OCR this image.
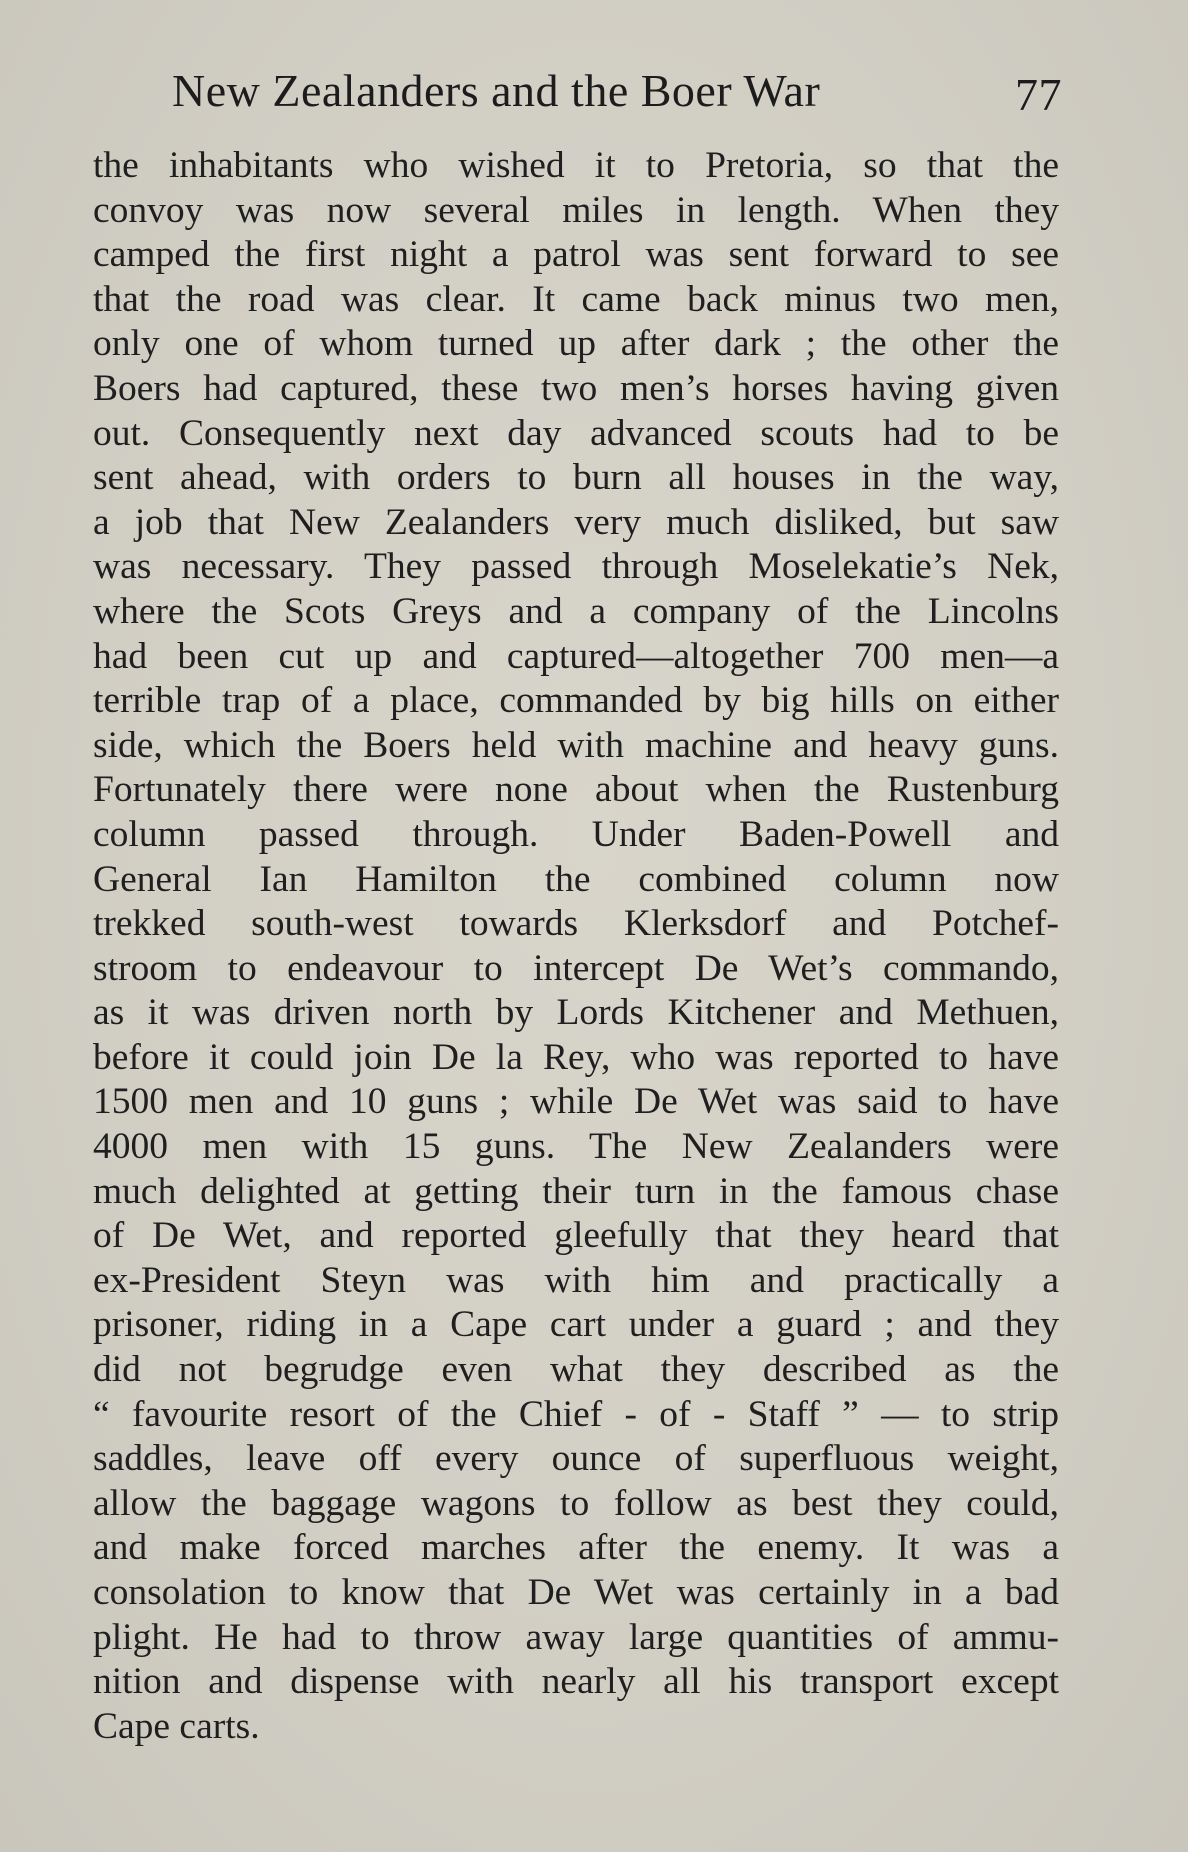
New Zealanders and the Boer War	77
the inhabitants who wished it to Pretoria, so that the
convoy was now several miles in length. When they
camped the first night a patrol was sent forward to see
that the road was clear. It came back minus two men,
only one of whom turned up after dark ; the other the
Boers had captured, these two men’s horses having given
out. Consequently next day advanced scouts had to be
sent ahead, with orders to burn all houses in the way,
a job that New Zealanders very much disliked, but saw
was necessary. They passed through Moselekatie’s Nek,
where the Scots Greys and a company of the Lincolns
had been cut up and captured—altogether 700 men—a
terrible trap of a place, commanded by big hills on either
side, which the Boers held with machine and heavy guns.
Fortunately there were none about when the Rustenburg
column passed through. Under Baden-Powell and
General Ian Hamilton the combined column now
trekked south-west towards Klerksdorf and Potchef-
stroom to endeavour to intercept De Wet’s commando,
as it was driven north by Lords Kitchener and Methuen,
before it could join De la Rey, who was reported to have
1500 men and 10 guns ; while De Wet was said to have
4000 men with 15 guns. The New Zealanders were
much delighted at getting their turn in the famous chase
of De Wet, and reported gleefully that they heard that
ex-President Steyn was with him and practically a
prisoner, riding in a Cape cart under a guard ; and they
did not begrudge even what they described as the
“ favourite resort of the Chief - of - Staff ” — to strip
saddles, leave off every ounce of superfluous weight,
allow the baggage wagons to follow as best they could,
and make forced marches after the enemy. It was a
consolation to know that De Wet was certainly in a bad
plight. He had to throw away large quantities of ammu-
nition and dispense with nearly all his transport except
Cape carts.
